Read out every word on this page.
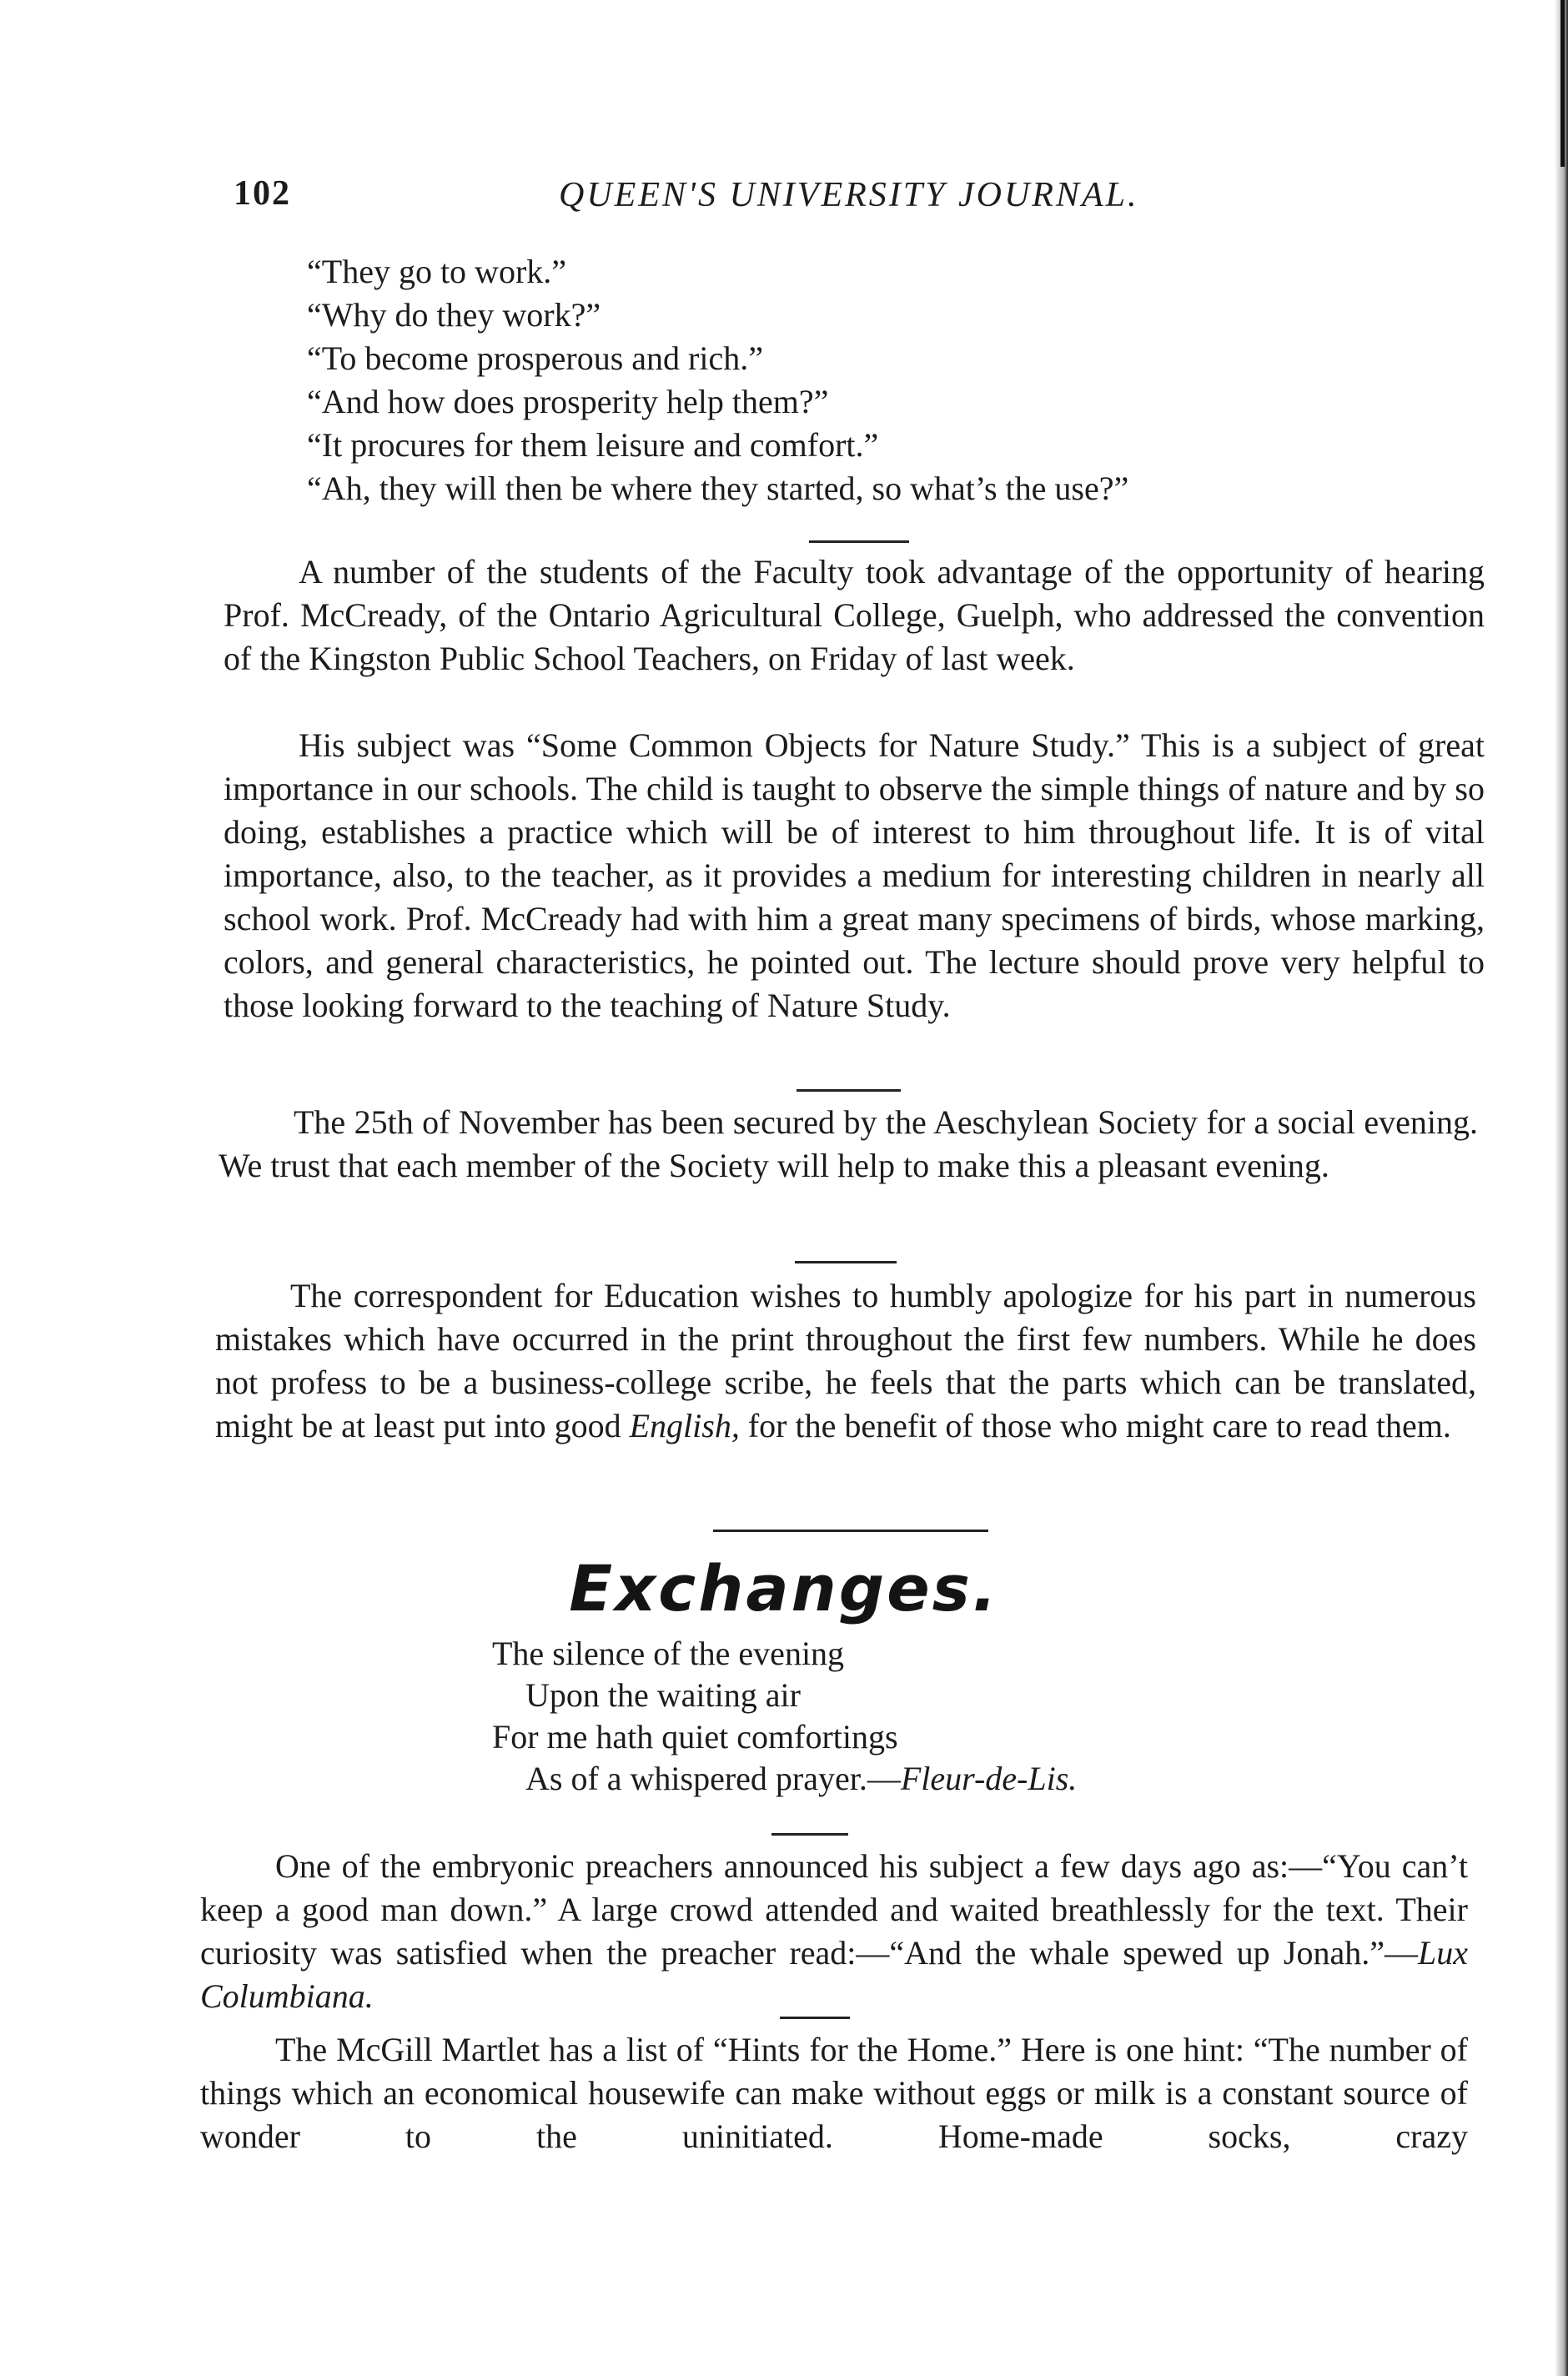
102	QUEEN'S UNIVERSITY JOURNAL.
“They go to work.”
“Why do they work?”
“To become prosperous and rich.”
“And how does prosperity help them?”
“It procures for them leisure and comfort.”
“Ah, they will then be where they started, so what’s the use?”

A number of the students of the Faculty took advantage of the opportunity of hearing Prof. McCready, of the Ontario Agricultural College, Guelph, who addressed the convention of the Kingston Public School Teachers, on Friday of last week.

His subject was “Some Common Objects for Nature Study.” This is a subject of great importance in our schools. The child is taught to observe the simple things of nature and by so doing, establishes a practice which will be of interest to him throughout life. It is of vital importance, also, to the teacher, as it provides a medium for interesting children in nearly all school work. Prof. McCready had with him a great many specimens of birds, whose marking, colors, and general characteristics, he pointed out. The lecture should prove very helpful to those looking forward to the teaching of Nature Study.

The 25th of November has been secured by the Aeschylean Society for a social evening. We trust that each member of the Society will help to make this a pleasant evening.

The correspondent for Education wishes to humbly apologize for his part in numerous mistakes which have occurred in the print throughout the first few numbers. While he does not profess to be a business-college scribe, he feels that the parts which can be translated, might be at least put into good English, for the benefit of those who might care to read them.

Exchanges.
The silence of the evening
Upon the waiting air
For me hath quiet comfortings
As of a whispered prayer.—Fleur-de-Lis.

One of the embryonic preachers announced his subject a few days ago as:—“You can’t keep a good man down.” A large crowd attended and waited breathlessly for the text. Their curiosity was satisfied when the preacher read:—“And the whale spewed up Jonah.”—Lux Columbiana.

The McGill Martlet has a list of “Hints for the Home.” Here is one hint: “The number of things which an economical housewife can make without eggs or milk is a constant source of wonder to the uninitiated. Home-made socks, crazy
